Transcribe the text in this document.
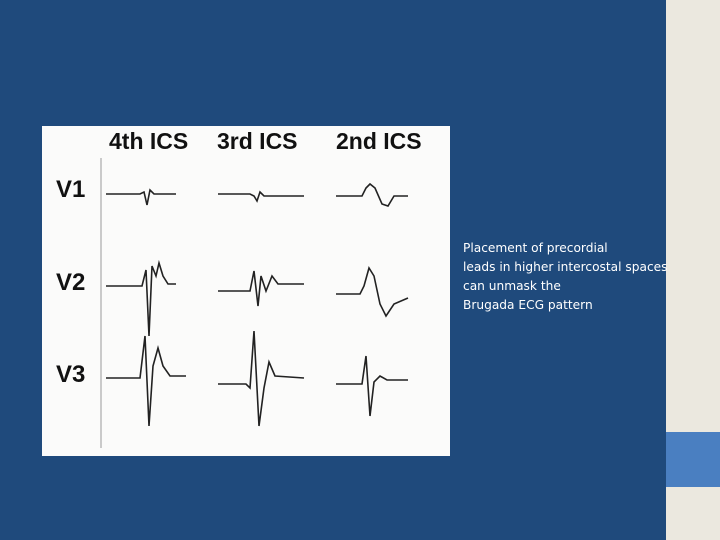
4th ICS 3rd ICS 2nd ICS
V1
V2
V3
Placement of precordial
leads in higher intercostal spaces
can unmask the
Brugada ECG pattern
